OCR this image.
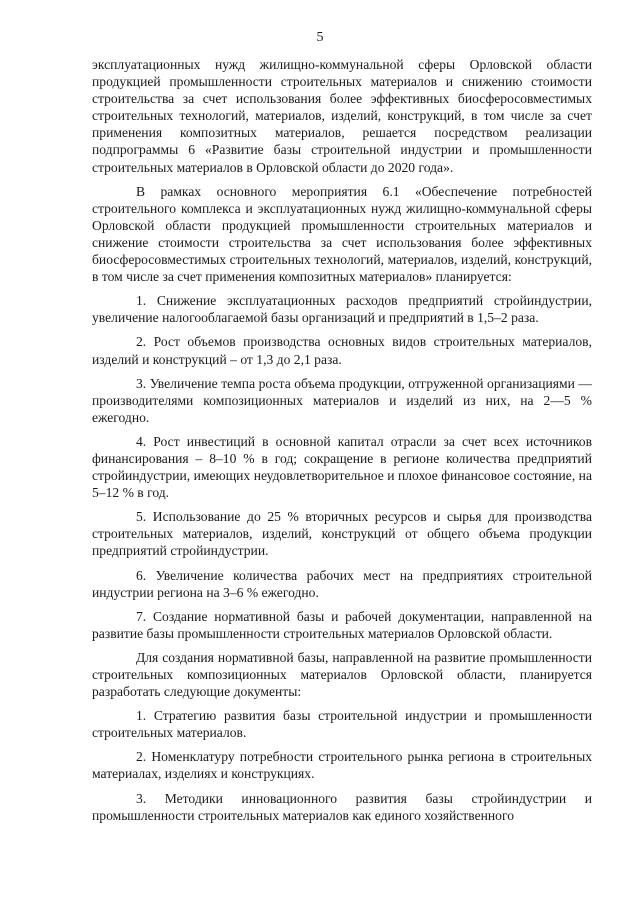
5

эксплуатационных нужд жилищно-коммунальной сферы Орловской области продукцией промышленности строительных материалов и снижению стоимости строительства за счет использования более эффективных биосферосовместимых строительных технологий, материалов, изделий, конструкций, в том числе за счет применения композитных материалов, решается посредством реализации подпрограммы 6 «Развитие базы строительной индустрии и промышленности строительных материалов в Орловской области до 2020 года».

В рамках основного мероприятия 6.1 «Обеспечение потребностей строительного комплекса и эксплуатационных нужд жилищно-коммунальной сферы Орловской области продукцией промышленности строительных материалов и снижение стоимости строительства за счет использования более эффективных биосферосовместимых строительных технологий, материалов, изделий, конструкций, в том числе за счет применения композитных материалов» планируется:

1. Снижение эксплуатационных расходов предприятий стройиндустрии, увеличение налогооблагаемой базы организаций и предприятий в 1,5–2 раза.

2. Рост объемов производства основных видов строительных материалов, изделий и конструкций – от 1,3 до 2,1 раза.

3. Увеличение темпа роста объема продукции, отгруженной организациями — производителями композиционных материалов и изделий из них, на 2—5 % ежегодно.

4. Рост инвестиций в основной капитал отрасли за счет всех источников финансирования – 8–10 % в год; сокращение в регионе количества предприятий стройиндустрии, имеющих неудовлетворительное и плохое финансовое состояние, на 5–12 % в год.

5. Использование до 25 % вторичных ресурсов и сырья для производства строительных материалов, изделий, конструкций от общего объема продукции предприятий стройиндустрии.

6. Увеличение количества рабочих мест на предприятиях строительной индустрии региона на 3–6 % ежегодно.

7. Создание нормативной базы и рабочей документации, направленной на развитие базы промышленности строительных материалов Орловской области.

Для создания нормативной базы, направленной на развитие промышленности строительных композиционных материалов Орловской области, планируется разработать следующие документы:

1. Стратегию развития базы строительной индустрии и промышленности строительных материалов.

2. Номенклатуру потребности строительного рынка региона в строительных материалах, изделиях и конструкциях.

3. Методики инновационного развития базы стройиндустрии и промышленности строительных материалов как единого хозяйственного
